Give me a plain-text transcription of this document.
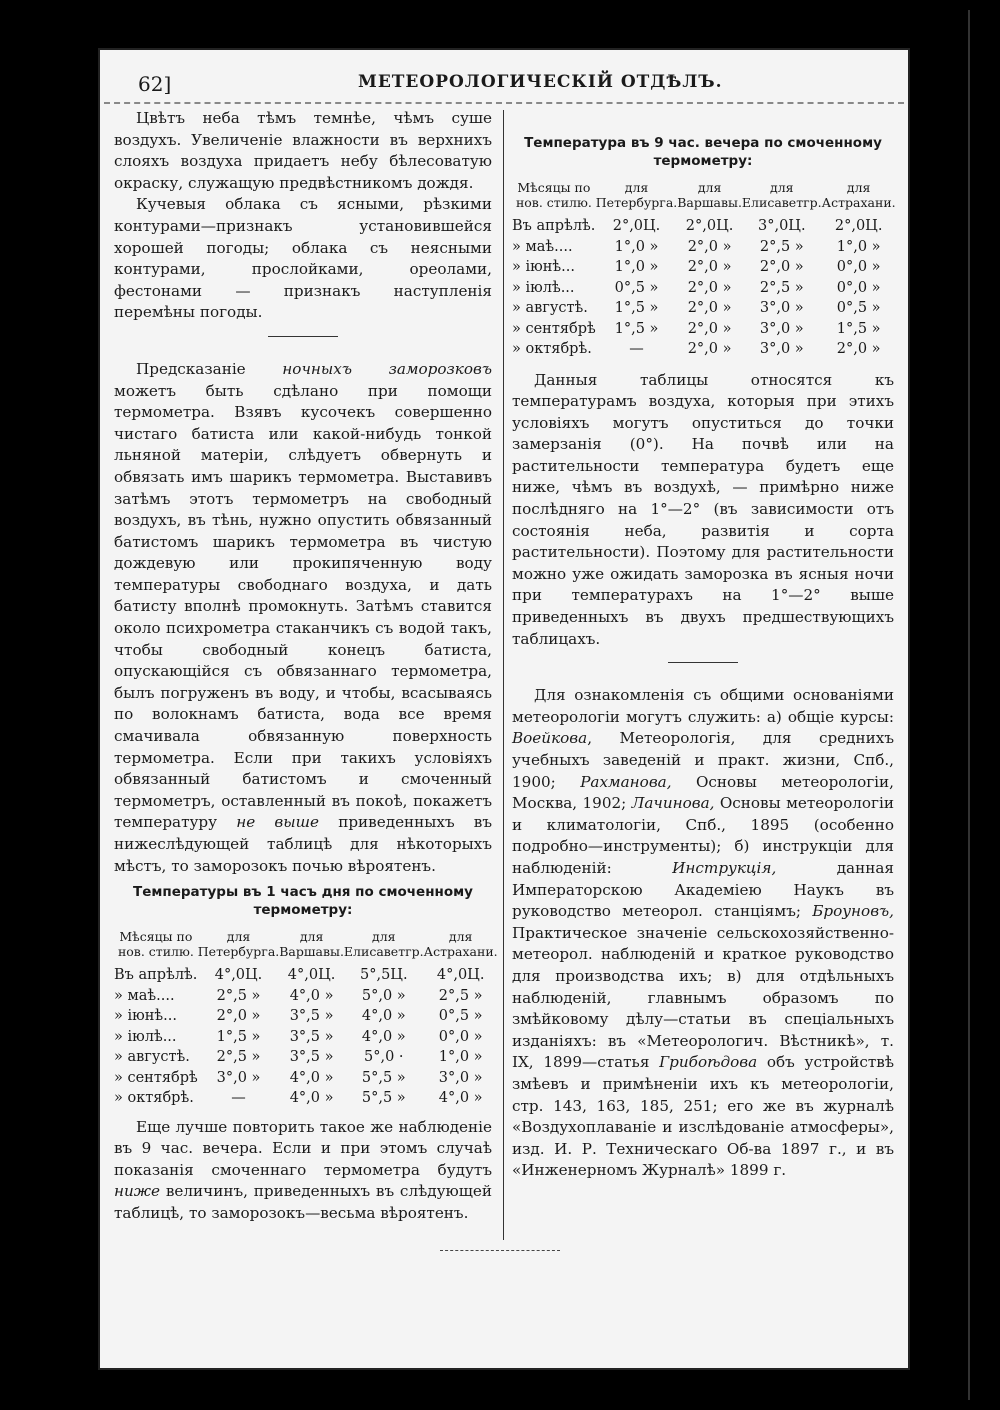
62]	МЕТЕОРОЛОГИЧЕСКІЙ ОТДѢЛЪ.

Цвѣтъ неба тѣмъ темнѣе, чѣмъ суше воздухъ. Увеличеніе влажности въ верхнихъ слояхъ воздуха придаетъ небу бѣлесоватую окраску, служащую предвѣстникомъ дождя.

Кучевыя облака съ ясными, рѣзкими контурами—признакъ установившейся хорошей погоды; облака съ неясными контурами, прослойками, ореолами, фестонами — признакъ наступленія перемѣны погоды.

Предсказаніе ночныхъ заморозковъ можетъ быть сдѣлано при помощи термометра. Взявъ кусочекъ совершенно чистаго батиста или какой-нибудь тонкой льняной матеріи, слѣдуетъ обвернуть и обвязать имъ шарикъ термометра. Выставивъ затѣмъ этотъ термометръ на свободный воздухъ, въ тѣнь, нужно опустить обвязанный батистомъ шарикъ термометра въ чистую дождевую или прокипяченную воду температуры свободнаго воздуха, и дать батисту вполнѣ промокнуть. Затѣмъ ставится около психрометра стаканчикъ съ водой такъ, чтобы свободный конецъ батиста, опускающійся съ обвязаннаго термометра, былъ погруженъ въ воду, и чтобы, всасываясь по волокнамъ батиста, вода все время смачивала обвязанную поверхность термометра. Если при такихъ условіяхъ обвязанный батистомъ и смоченный термометръ, оставленный въ покоѣ, покажетъ температуру не выше приведенныхъ въ нижеслѣдующей таблицѣ для нѣкоторыхъ мѣстъ, то заморозокъ почью вѣроятенъ.

Температуры въ 1 часъ дня по смоченному термометру:
Мѣсяцы по нов. стилю.	для Петербурга.	для Варшавы.	для Елисаветгр.	для Астрахани.
Въ апрѣлѣ.	4°,0Ц.	4°,0Ц.	5°,5Ц.	4°,0Ц.
» маѣ....	2°,5 »	4°,0 »	5°,0 »	2°,5 »
» іюнѣ...	2°,0 »	3°,5 »	4°,0 »	0°,5 »
» іюлѣ...	1°,5 »	3°,5 »	4°,0 »	0°,0 »
» августѣ.	2°,5 »	3°,5 »	5°,0 ·	1°,0 »
» сентябрѣ	3°,0 »	4°,0 »	5°,5 »	3°,0 »
» октябрѣ.	—	4°,0 »	5°,5 »	4°,0 »

Еще лучше повторить такое же наблюденіе въ 9 час. вечера. Если и при этомъ случаѣ показанія смоченнаго термометра будутъ ниже величинъ, приведенныхъ въ слѣдующей таблицѣ, то заморозокъ—весьма вѣроятенъ.

Температура въ 9 час. вечера по смоченному термометру:
Мѣсяцы по нов. стилю.	для Петербурга.	для Варшавы.	для Елисаветгр.	для Астрахани.
Въ апрѣлѣ.	2°,0Ц.	2°,0Ц.	3°,0Ц.	2°,0Ц.
» маѣ....	1°,0 »	2°,0 »	2°,5 »	1°,0 »
» іюнѣ...	1°,0 »	2°,0 »	2°,0 »	0°,0 »
» іюлѣ...	0°,5 »	2°,0 »	2°,5 »	0°,0 »
» августѣ.	1°,5 »	2°,0 »	3°,0 »	0°,5 »
» сентябрѣ	1°,5 »	2°,0 »	3°,0 »	1°,5 »
» октябрѣ.	—	2°,0 »	3°,0 »	2°,0 »

Данныя таблицы относятся къ температурамъ воздуха, которыя при этихъ условіяхъ могутъ опуститься до точки замерзанія (0°). На почвѣ или на растительности температура будетъ еще ниже, чѣмъ въ воздухѣ, — примѣрно ниже послѣдняго на 1°—2° (въ зависимости отъ состоянія неба, развитія и сорта растительности). Поэтому для растительности можно уже ожидать заморозка въ ясныя ночи при температурахъ на 1°—2° выше приведенныхъ въ двухъ предшествующихъ таблицахъ.

Для ознакомленія съ общими основаніями метеорологіи могутъ служить: а) общіе курсы: Воейкова, Метеорологія, для среднихъ учебныхъ заведеній и практ. жизни, Спб., 1900; Рахманова, Основы метеорологіи, Москва, 1902; Лачинова, Основы метеорологіи и климатологіи, Спб., 1895 (особенно подробно—инструменты); б) инструкціи для наблюденій: Инструкція, данная Императорскою Академіею Наукъ въ руководство метеорол. станціямъ; Броуновъ, Практическое значеніе сельскохозяйственно-метеорол. наблюденій и краткое руководство для производства ихъ; в) для отдѣльныхъ наблюденій, главнымъ образомъ по змѣйковому дѣлу—статьи въ спеціальныхъ изданіяхъ: въ «Метеорологич. Вѣстникѣ», т. IX, 1899—статья Грибоѣдова объ устройствѣ змѣевъ и примѣненіи ихъ къ метеорологіи, стр. 143, 163, 185, 251; его же въ журналѣ «Воздухоплаваніе и изслѣдованіе атмосферы», изд. И. Р. Техническаго Об-ва 1897 г., и въ «Инженерномъ Журналѣ» 1899 г.
